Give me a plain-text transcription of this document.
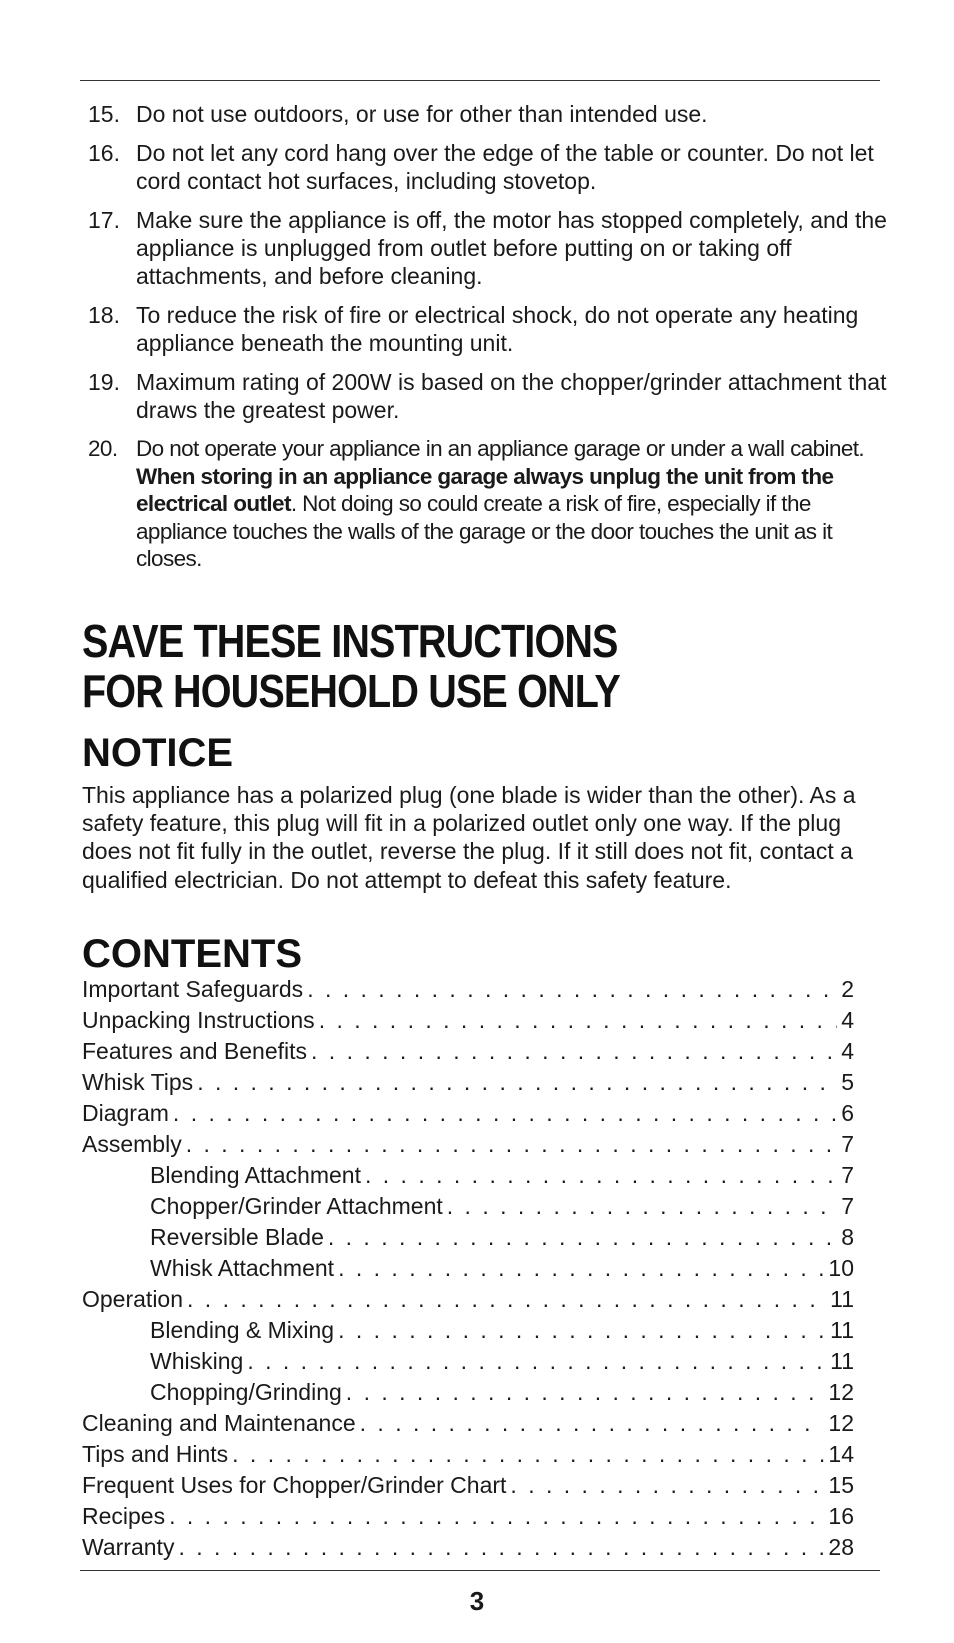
15. Do not use outdoors, or use for other than intended use.
16. Do not let any cord hang over the edge of the table or counter. Do not let cord contact hot surfaces, including stovetop.
17. Make sure the appliance is off, the motor has stopped completely, and the appliance is unplugged from outlet before putting on or taking off attachments, and before cleaning.
18. To reduce the risk of fire or electrical shock, do not operate any heating appliance beneath the mounting unit.
19. Maximum rating of 200W is based on the chopper/grinder attachment that draws the greatest power.
20. Do not operate your appliance in an appliance garage or under a wall cabinet. When storing in an appliance garage always unplug the unit from the electrical outlet. Not doing so could create a risk of fire, especially if the appliance touches the walls of the garage or the door touches the unit as it closes.
SAVE THESE INSTRUCTIONS
FOR HOUSEHOLD USE ONLY
NOTICE

This appliance has a polarized plug (one blade is wider than the other). As a safety feature, this plug will fit in a polarized outlet only one way. If the plug does not fit fully in the outlet, reverse the plug. If it still does not fit, contact a qualified electrician. Do not attempt to defeat this safety feature.

CONTENTS
Important Safeguards . . .	2
Unpacking Instructions . . .	4
Features and Benefits . . .	4
Whisk Tips . . .	5
Diagram . . .	6
Assembly . . .	7
Blending Attachment . . .	7
Chopper/Grinder Attachment . . .	7
Reversible Blade . . .	8
Whisk Attachment . . .	10
Operation . . .	11
Blending & Mixing . . .	11
Whisking . . .	11
Chopping/Grinding . . .	12
Cleaning and Maintenance . . .	12
Tips and Hints . . .	14
Frequent Uses for Chopper/Grinder Chart . . .	15
Recipes . . .	16
Warranty . . .	28
3
